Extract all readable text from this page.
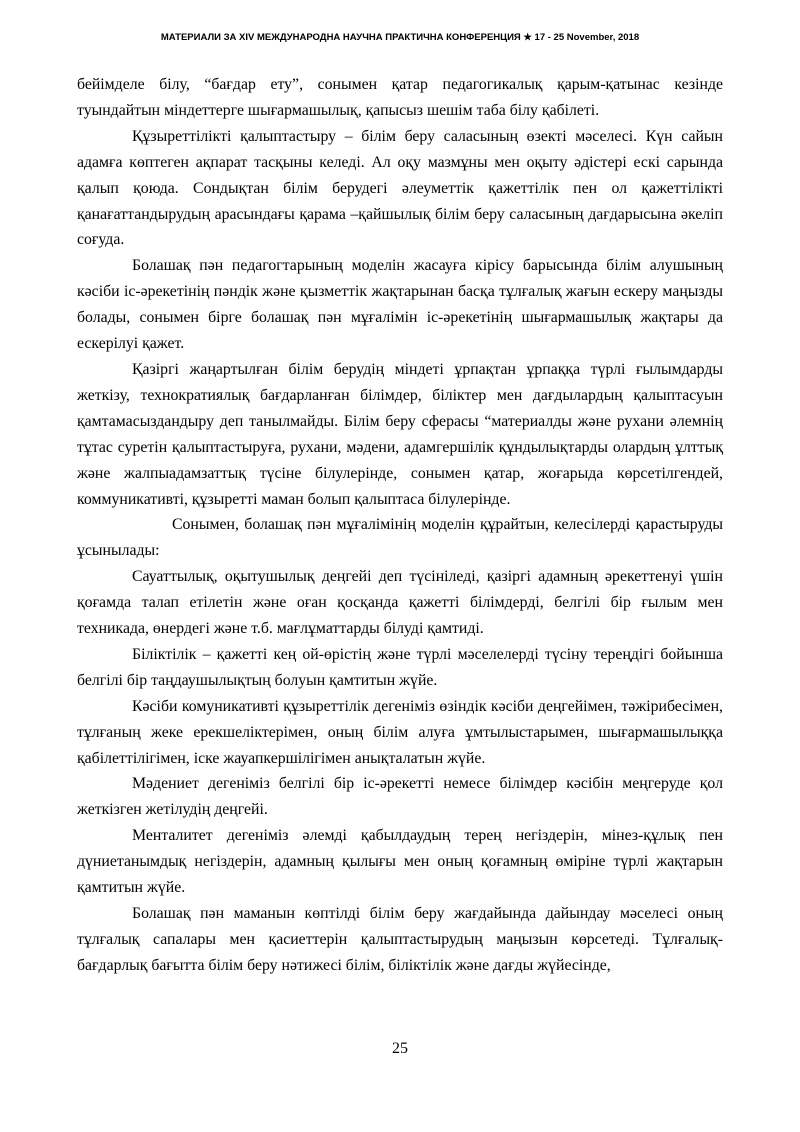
МАТЕРИАЛИ ЗА XIV МЕЖДУНАРОДНА НАУЧНА ПРАКТИЧНА КОНФЕРЕНЦИЯ ★ 17 - 25 November, 2018

бейімделе білу, “бағдар ету”, сонымен қатар педагогикалық қарым-қатынас кезінде туындайтын міндеттерге шығармашылық, қапысыз шешім таба білу қабілеті.

Құзыреттілікті қалыптастыру – білім беру саласының өзекті мәселесі. Күн сайын адамға көптеген ақпарат тасқыны келеді. Ал оқу мазмұны мен оқыту әдістері ескі сарында қалып қоюда. Сондықтан білім берудегі әлеуметтік қажеттілік пен ол қажеттілікті қанағаттандырудың арасындағы қарама –қайшылық білім беру саласының дағдарысына әкеліп соғуда.

Болашақ пән педагогтарының моделін жасауға кірісу барысында білім алушының кәсіби іс-әрекетінің пәндік және қызметтік жақтарынан басқа тұлғалық жағын ескеру маңызды болады, сонымен бірге болашақ пән мұғалімін іс-әрекетінің шығармашылық жақтары да ескерілуі қажет.

Қазіргі жаңартылған білім берудің міндеті ұрпақтан ұрпаққа түрлі ғылымдарды жеткізу, технократиялық бағдарланған білімдер, біліктер мен дағдылардың қалыптасуын қамтамасыздандыру деп танылмайды. Білім беру сферасы “материалды және рухани әлемнің тұтас суретін қалыптастыруға, рухани, мәдени, адамгершілік құндылықтарды олардың ұлттық және жалпыадамзаттық түсіне білулерінде, сонымен қатар, жоғарыда көрсетілгендей, коммуникативті, құзыретті маман болып қалыптаса білулерінде.

Сонымен, болашақ пән мұғалімінің моделін құрайтын, келесілерді қарастыруды ұсынылады:

Сауаттылық, оқытушылық деңгейі деп түсініледі, қазіргі адамның әрекеттенуі үшін қоғамда талап етілетін және оған қосқанда қажетті білімдерді, белгілі бір ғылым мен техникада, өнердегі және т.б. мағлұматтарды білуді қамтиді.

Біліктілік – қажетті кең ой-өрістің және түрлі мәселелерді түсіну тереңдігі бойынша белгілі бір таңдаушылықтың болуын қамтитын жүйе.

Кәсіби комуникативті құзыреттілік дегеніміз өзіндік кәсіби деңгейімен, тәжірибесімен, тұлғаның жеке ерекшеліктерімен, оның білім алуға ұмтылыстарымен, шығармашылыққа қабілеттілігімен, іске жауапкершілігімен анықталатын жүйе.

Мәдениет дегеніміз белгілі бір іс-әрекетті немесе білімдер кәсібін меңгеруде қол жеткізген жетілудің деңгейі.

Менталитет дегеніміз әлемді қабылдаудың терең негіздерін, мінез-құлық пен дүниетанымдық негіздерін, адамның қылығы мен оның қоғамның өміріне түрлі жақтарын қамтитын жүйе.

Болашақ пән маманын көптілді білім беру жағдайында дайындау мәселесі оның тұлғалық сапалары мен қасиеттерін қалыптастырудың маңызын көрсетеді. Тұлғалық-бағдарлық бағытта білім беру нәтижесі білім, біліктілік және дағды жүйесінде,

25
